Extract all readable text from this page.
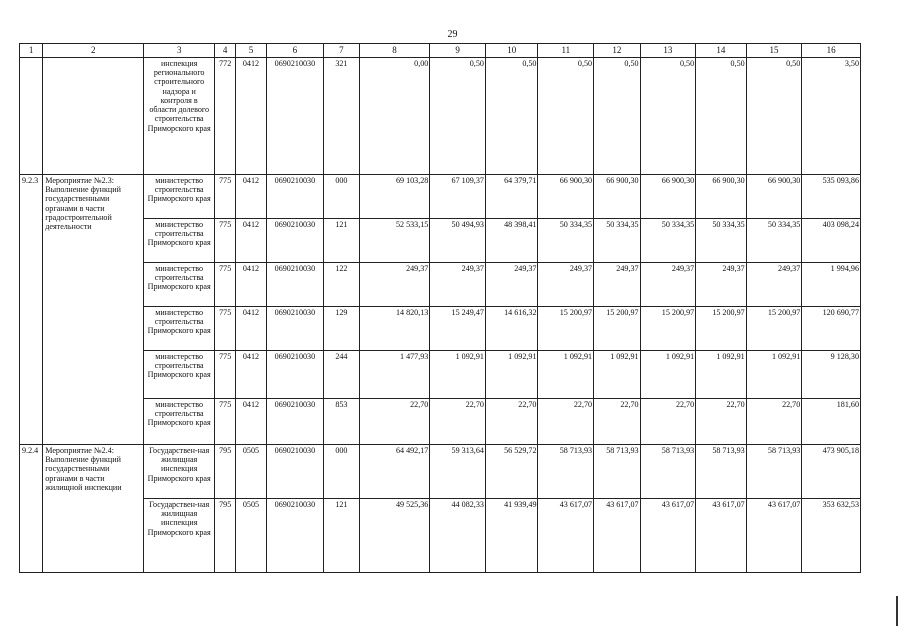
29
1	2	3	4	5	6	7	8	9	10	11	12	13	14	15	16
		инспекция регионального строительного надзора и контроля в области долевого строительства Приморского края	772	0412	0690210030	321	0,00	0,50	0,50	0,50	0,50	0,50	0,50	0,50	3,50
9.2.3	Мероприятие №2.3: Выполнение функций государственными органами в части градостроительной деятельности	министерство строительства Приморского края	775	0412	0690210030	000	69 103,28	67 109,37	64 379,71	66 900,30	66 900,30	66 900,30	66 900,30	66 900,30	535 093,86
		министерство строительства Приморского края	775	0412	0690210030	121	52 533,15	50 494,93	48 398,41	50 334,35	50 334,35	50 334,35	50 334,35	50 334,35	403 098,24
		министерство строительства Приморского края	775	0412	0690210030	122	249,37	249,37	249,37	249,37	249,37	249,37	249,37	249,37	1 994,96
		министерство строительства Приморского края	775	0412	0690210030	129	14 820,13	15 249,47	14 616,32	15 200,97	15 200,97	15 200,97	15 200,97	15 200,97	120 690,77
		министерство строительства Приморского края	775	0412	0690210030	244	1 477,93	1 092,91	1 092,91	1 092,91	1 092,91	1 092,91	1 092,91	1 092,91	9 128,30
		министерство строительства Приморского края	775	0412	0690210030	853	22,70	22,70	22,70	22,70	22,70	22,70	22,70	22,70	181,60
9.2.4	Мероприятие №2.4: Выполнение функций государственными органами в части жилищной инспекции	Государствен-ная жилищная инспекция Приморского края	795	0505	0690210030	000	64 492,17	59 313,64	56 529,72	58 713,93	58 713,93	58 713,93	58 713,93	58 713,93	473 905,18
		Государствен-ная жилищная инспекция Приморского края	795	0505	0690210030	121	49 525,36	44 082,33	41 939,49	43 617,07	43 617,07	43 617,07	43 617,07	43 617,07	353 632,53
